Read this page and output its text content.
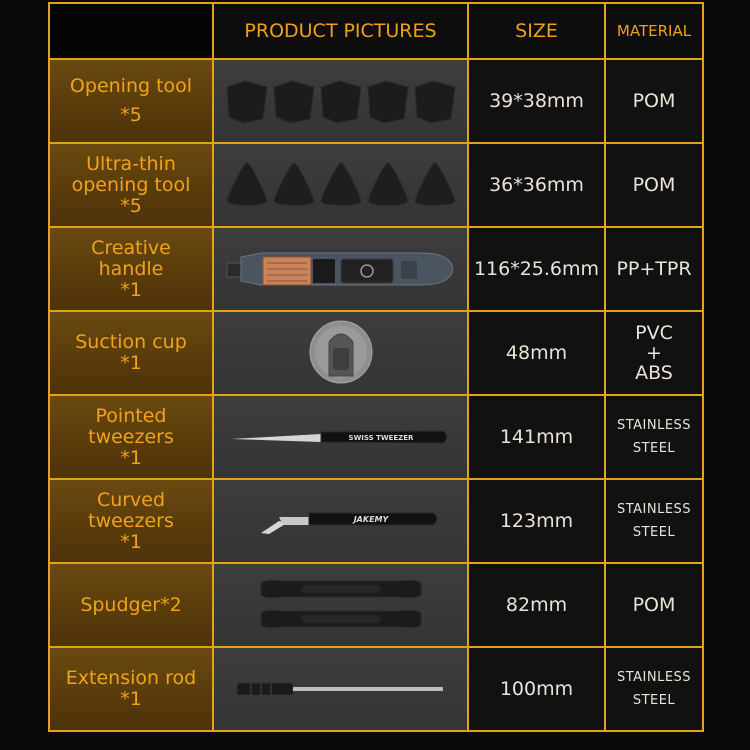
	PRODUCT PICTURES	SIZE	MATERIAL

Opening tool
*5		39*38mm	POM

Ultra-thin
opening tool
*5		36*36mm	POM

Creative
handle
*1		116*25.6mm	PP+TPR

Suction cup
*1		48mm	PVC
+
ABS

Pointed
tweezers
*1	SWISS TWEEZER	141mm	STAINLESS
STEEL

Curved
tweezers
*1	JAKEMY	123mm	STAINLESS
STEEL

Spudger*2		82mm	POM

Extension rod
*1		100mm	STAINLESS
STEEL
